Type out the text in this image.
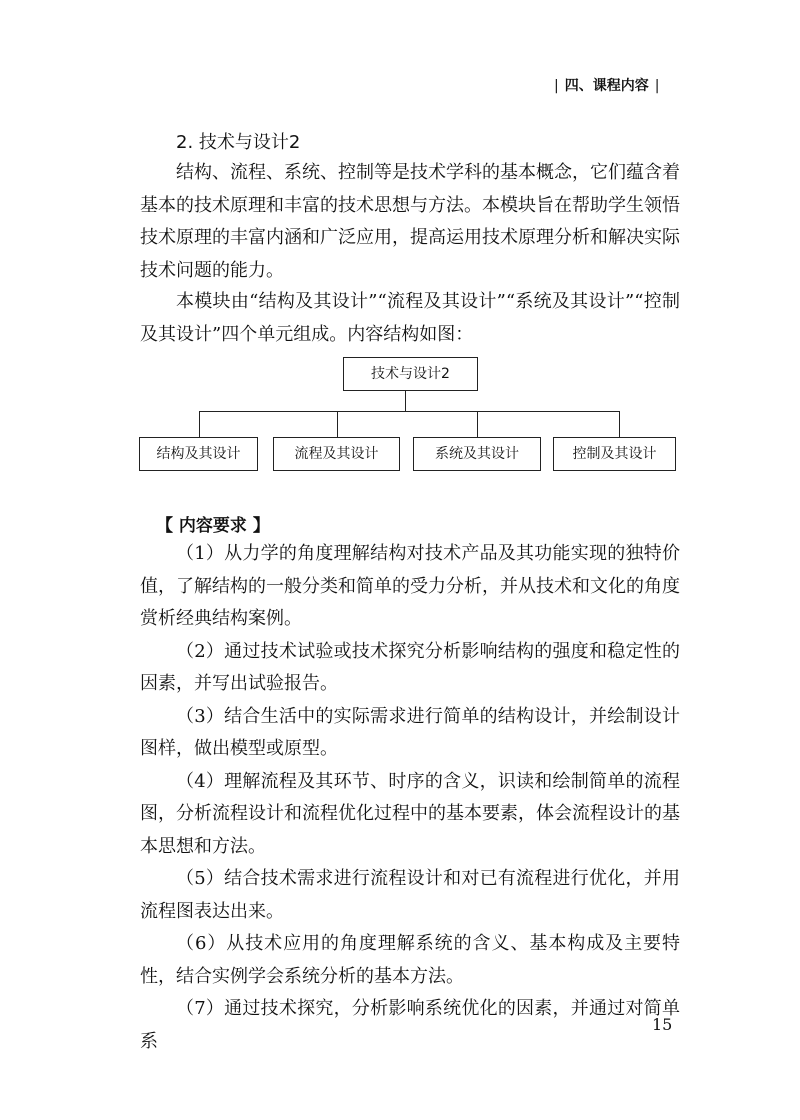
| 四、课程内容 |
2. 技术与设计2

结构、流程、系统、控制等是技术学科的基本概念，它们蕴含着基本的技术原理和丰富的技术思想与方法。本模块旨在帮助学生领悟技术原理的丰富内涵和广泛应用，提高运用技术原理分析和解决实际技术问题的能力。

本模块由“结构及其设计”“流程及其设计”“系统及其设计”“控制及其设计”四个单元组成。内容结构如图：

技术与设计2
结构及其设计	流程及其设计	系统及其设计	控制及其设计
【 内容要求 】

（1）从力学的角度理解结构对技术产品及其功能实现的独特价值，了解结构的一般分类和简单的受力分析，并从技术和文化的角度赏析经典结构案例。

（2）通过技术试验或技术探究分析影响结构的强度和稳定性的因素，并写出试验报告。

（3）结合生活中的实际需求进行简单的结构设计，并绘制设计图样，做出模型或原型。

（4）理解流程及其环节、时序的含义，识读和绘制简单的流程图，分析流程设计和流程优化过程中的基本要素，体会流程设计的基本思想和方法。

（5）结合技术需求进行流程设计和对已有流程进行优化，并用流程图表达出来。

（6）从技术应用的角度理解系统的含义、基本构成及主要特性，结合实例学会系统分析的基本方法。

（7）通过技术探究，分析影响系统优化的因素，并通过对简单系

15
